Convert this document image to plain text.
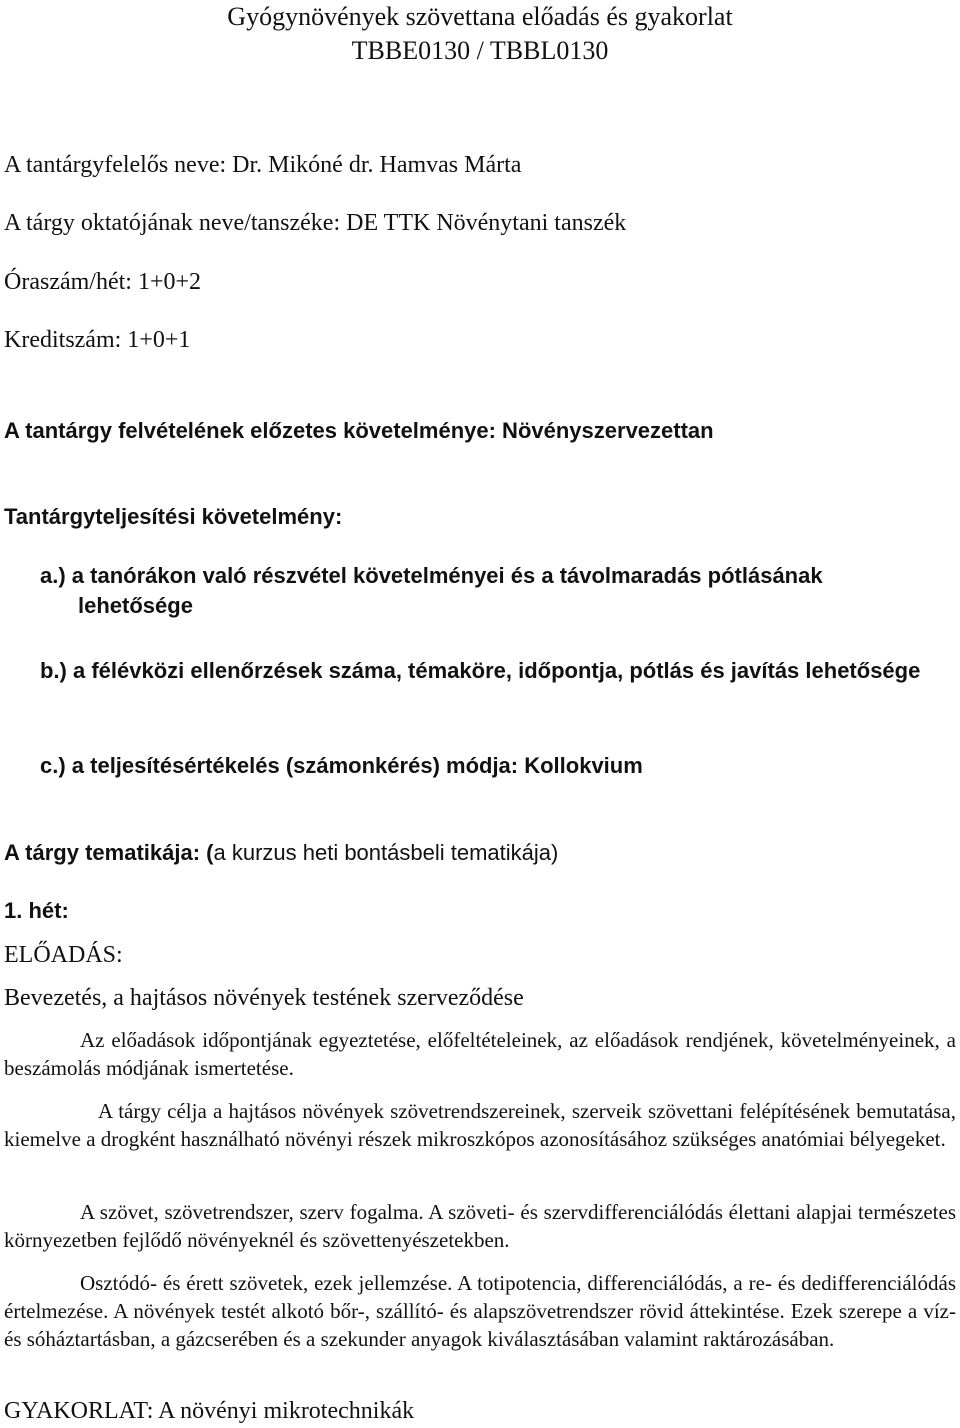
Gyógynövények szövettana előadás és gyakorlat
TBBE0130 / TBBL0130

A tantárgyfelelős neve: Dr. Mikóné dr. Hamvas Márta

A tárgy oktatójának neve/tanszéke: DE TTK Növénytani tanszék

Óraszám/hét: 1+0+2

Kreditszám: 1+0+1

A tantárgy felvételének előzetes követelménye: Növényszervezettan

Tantárgyteljesítési követelmény:

a.) a tanórákon való részvétel követelményei és a távolmaradás pótlásának lehetősége

b.) a félévközi ellenőrzések száma, témaköre, időpontja, pótlás és javítás lehetősége

c.) a teljesítésértékelés (számonkérés) módja: Kollokvium

A tárgy tematikája: (a kurzus heti bontásbeli tematikája)

1. hét:

ELŐADÁS:

Bevezetés, a hajtásos növények testének szerveződése

Az előadások időpontjának egyeztetése, előfeltételeinek, az előadások rendjének, követelményeinek, a beszámolás módjának ismertetése.

A tárgy célja a hajtásos növények szövetrendszereinek, szerveik szövettani felépítésének bemutatása, kiemelve a drogként használható növényi részek mikroszkópos azonosításához szükséges anatómiai bélyegeket.

A szövet, szövetrendszer, szerv fogalma. A szöveti- és szervdifferenciálódás élettani alapjai természetes környezetben fejlődő növényeknél és szövettenyészetekben.

Osztódó- és érett szövetek, ezek jellemzése. A totipotencia, differenciálódás, a re- és dedifferenciálódás értelmezése. A növények testét alkotó bőr-, szállító- és alapszövetrendszer rövid áttekintése. Ezek szerepe a víz- és sóháztartásban, a gázcserében és a szekunder anyagok kiválasztásában valamint raktározásában.

GYAKORLAT: A növényi mikrotechnikák
